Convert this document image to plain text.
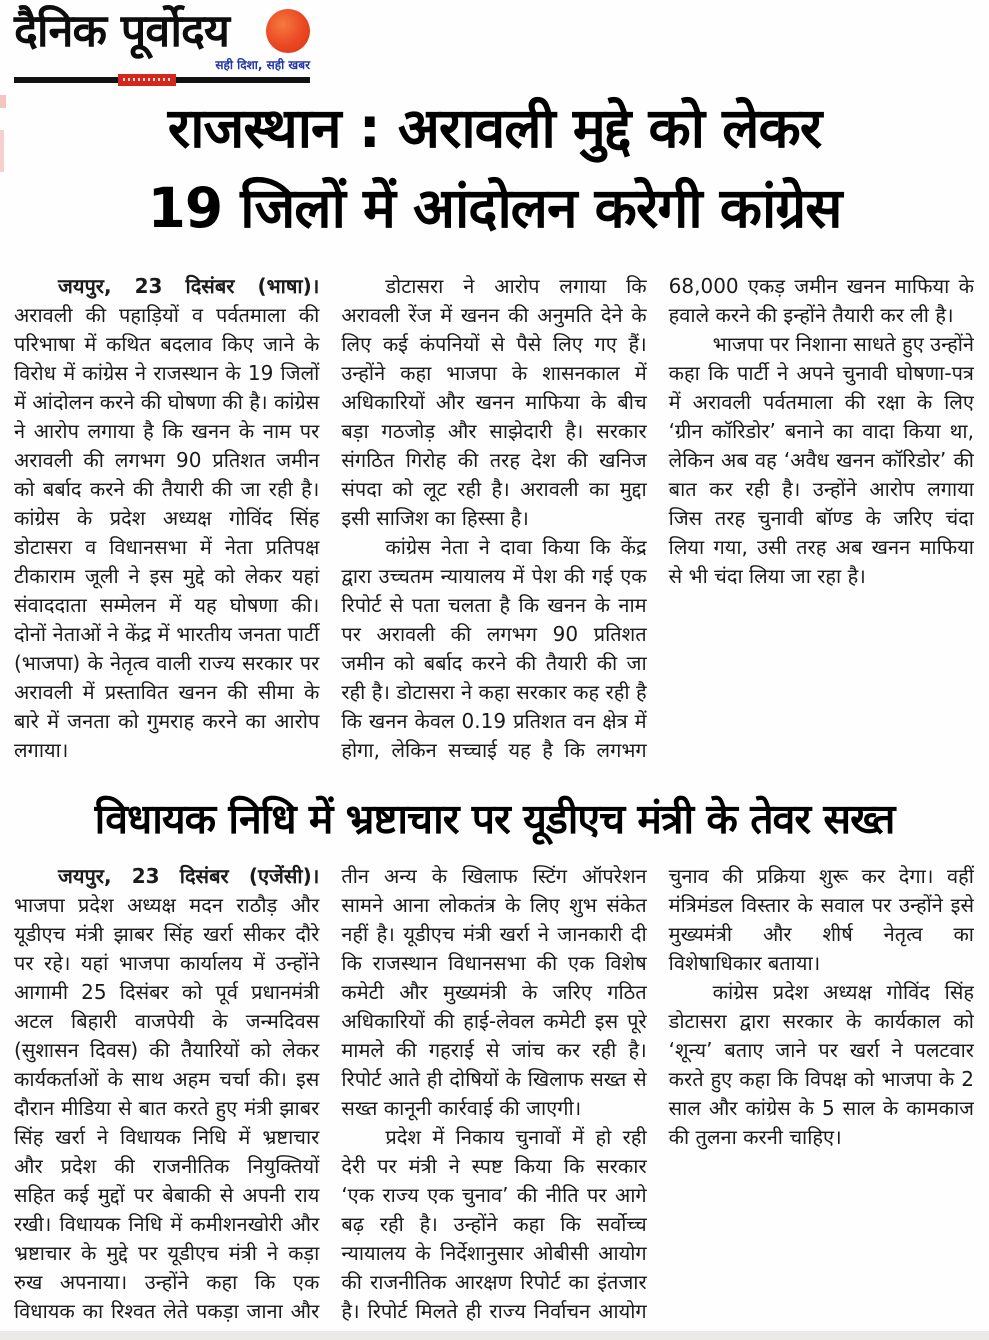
दैनिक पूर्वोदय
सही दिशा, सही खबर
राजस्थान : अरावली मुद्दे को लेकर
19 जिलों में आंदोलन करेगी कांग्रेस

जयपुर, 23 दिसंबर (भाषा)। अरावली की पहाड़ियों व पर्वतमाला की परिभाषा में कथित बदलाव किए जाने के विरोध में कांग्रेस ने राजस्थान के 19 जिलों में आंदोलन करने की घोषणा की है। कांग्रेस ने आरोप लगाया है कि खनन के नाम पर अरावली की लगभग 90 प्रतिशत जमीन को बर्बाद करने की तैयारी की जा रही है। कांग्रेस के प्रदेश अध्यक्ष गोविंद सिंह डोटासरा व विधानसभा में नेता प्रतिपक्ष टीकाराम जूली ने इस मुद्दे को लेकर यहां संवाददाता सम्मेलन में यह घोषणा की। दोनों नेताओं ने केंद्र में भारतीय जनता पार्टी (भाजपा) के नेतृत्व वाली राज्य सरकार पर अरावली में प्रस्तावित खनन की सीमा के बारे में जनता को गुमराह करने का आरोप लगाया।

डोटासरा ने आरोप लगाया कि अरावली रेंज में खनन की अनुमति देने के लिए कई कंपनियों से पैसे लिए गए हैं। उन्होंने कहा भाजपा के शासनकाल में अधिकारियों और खनन माफिया के बीच बड़ा गठजोड़ और साझेदारी है। सरकार संगठित गिरोह की तरह देश की खनिज संपदा को लूट रही है। अरावली का मुद्दा इसी साजिश का हिस्सा है।

कांग्रेस नेता ने दावा किया कि केंद्र द्वारा उच्चतम न्यायालय में पेश की गई एक रिपोर्ट से पता चलता है कि खनन के नाम पर अरावली की लगभग 90 प्रतिशत जमीन को बर्बाद करने की तैयारी की जा रही है। डोटासरा ने कहा सरकार कह रही है कि खनन केवल 0.19 प्रतिशत वन क्षेत्र में होगा, लेकिन सच्चाई यह है कि लगभग 68,000 एकड़ जमीन खनन माफिया के हवाले करने की इन्होंने तैयारी कर ली है।

भाजपा पर निशाना साधते हुए उन्होंने कहा कि पार्टी ने अपने चुनावी घोषणा-पत्र में अरावली पर्वतमाला की रक्षा के लिए ‘ग्रीन कॉरिडोर’ बनाने का वादा किया था, लेकिन अब वह ‘अवैध खनन कॉरिडोर’ की बात कर रही है। उन्होंने आरोप लगाया जिस तरह चुनावी बॉण्ड के जरिए चंदा लिया गया, उसी तरह अब खनन माफिया से भी चंदा लिया जा रहा है।

विधायक निधि में भ्रष्टाचार पर यूडीएच मंत्री के तेवर सख्त

जयपुर, 23 दिसंबर (एजेंसी)। भाजपा प्रदेश अध्यक्ष मदन राठौड़ और यूडीएच मंत्री झाबर सिंह खर्रा सीकर दौरे पर रहे। यहां भाजपा कार्यालय में उन्होंने आगामी 25 दिसंबर को पूर्व प्रधानमंत्री अटल बिहारी वाजपेयी के जन्मदिवस (सुशासन दिवस) की तैयारियों को लेकर कार्यकर्ताओं के साथ अहम चर्चा की। इस दौरान मीडिया से बात करते हुए मंत्री झाबर सिंह खर्रा ने विधायक निधि में भ्रष्टाचार और प्रदेश की राजनीतिक नियुक्तियों सहित कई मुद्दों पर बेबाकी से अपनी राय रखी। विधायक निधि में कमीशनखोरी और भ्रष्टाचार के मुद्दे पर यूडीएच मंत्री ने कड़ा रुख अपनाया। उन्होंने कहा कि एक विधायक का रिश्वत लेते पकड़ा जाना और तीन अन्य के खिलाफ स्टिंग ऑपरेशन सामने आना लोकतंत्र के लिए शुभ संकेत नहीं है। यूडीएच मंत्री खर्रा ने जानकारी दी कि राजस्थान विधानसभा की एक विशेष कमेटी और मुख्यमंत्री के जरिए गठित अधिकारियों की हाई-लेवल कमेटी इस पूरे मामले की गहराई से जांच कर रही है। रिपोर्ट आते ही दोषियों के खिलाफ सख्त से सख्त कानूनी कार्रवाई की जाएगी।

प्रदेश में निकाय चुनावों में हो रही देरी पर मंत्री ने स्पष्ट किया कि सरकार ‘एक राज्य एक चुनाव’ की नीति पर आगे बढ़ रही है। उन्होंने कहा कि सर्वोच्च न्यायालय के निर्देशानुसार ओबीसी आयोग की राजनीतिक आरक्षण रिपोर्ट का इंतजार है। रिपोर्ट मिलते ही राज्य निर्वाचन आयोग चुनाव की प्रक्रिया शुरू कर देगा। वहीं मंत्रिमंडल विस्तार के सवाल पर उन्होंने इसे मुख्यमंत्री और शीर्ष नेतृत्व का विशेषाधिकार बताया।

कांग्रेस प्रदेश अध्यक्ष गोविंद सिंह डोटासरा द्वारा सरकार के कार्यकाल को ‘शून्य’ बताए जाने पर खर्रा ने पलटवार करते हुए कहा कि विपक्ष को भाजपा के 2 साल और कांग्रेस के 5 साल के कामकाज की तुलना करनी चाहिए।
